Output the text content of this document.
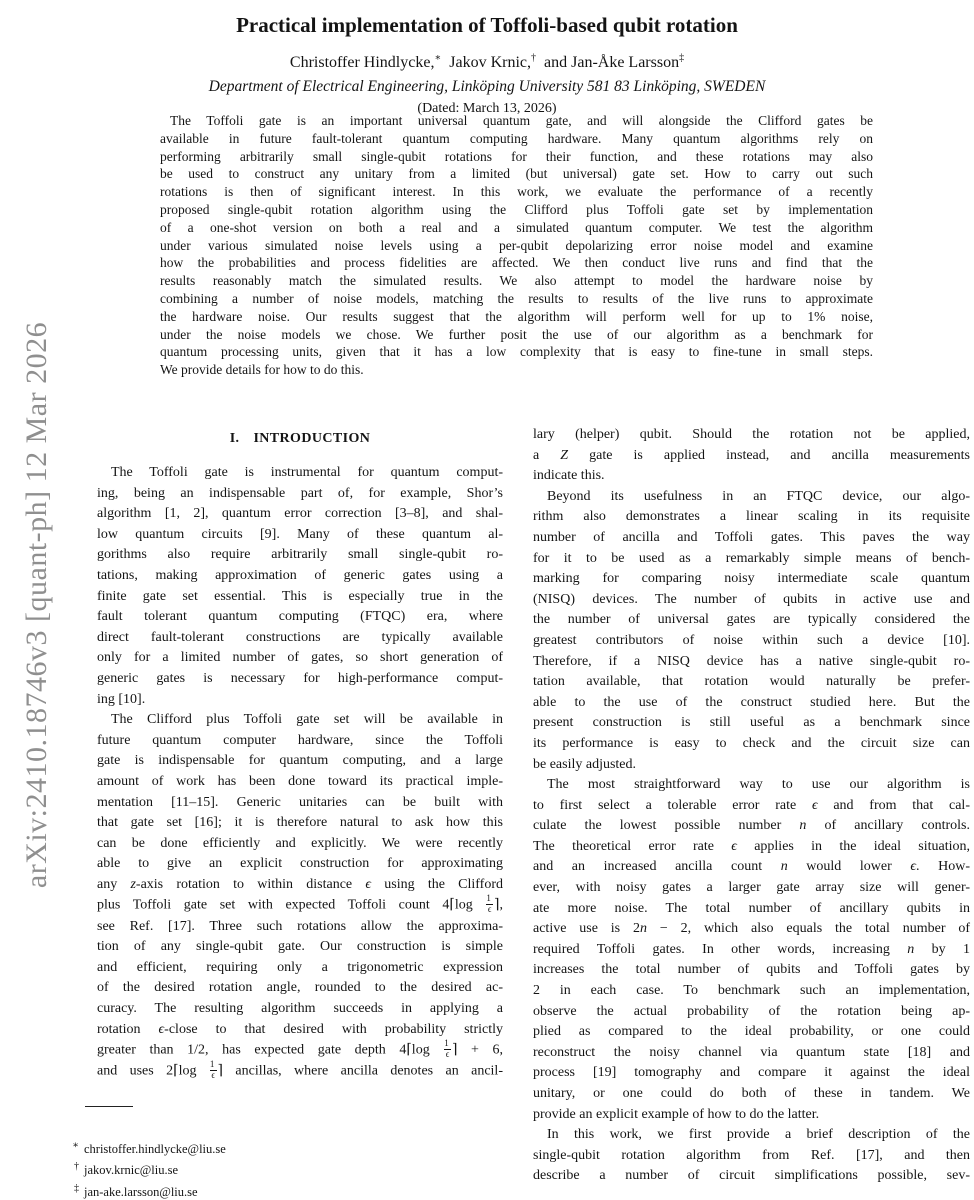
arXiv:2410.18746v3 [quant-ph] 12 Mar 2026
Practical implementation of Toffoli-based qubit rotation
Christoffer Hindlycke,∗ Jakov Krnic,† and Jan-Åke Larsson‡
Department of Electrical Engineering, Linköping University 581 83 Linköping, SWEDEN
(Dated: March 13, 2026)
The Toffoli gate is an important universal quantum gate, and will alongside the Clifford gates be
available in future fault-tolerant quantum computing hardware. Many quantum algorithms rely on
performing arbitrarily small single-qubit rotations for their function, and these rotations may also
be used to construct any unitary from a limited (but universal) gate set. How to carry out such
rotations is then of significant interest. In this work, we evaluate the performance of a recently
proposed single-qubit rotation algorithm using the Clifford plus Toffoli gate set by implementation
of a one-shot version on both a real and a simulated quantum computer. We test the algorithm
under various simulated noise levels using a per-qubit depolarizing error noise model and examine
how the probabilities and process fidelities are affected. We then conduct live runs and find that the
results reasonably match the simulated results. We also attempt to model the hardware noise by
combining a number of noise models, matching the results to results of the live runs to approximate
the hardware noise. Our results suggest that the algorithm will perform well for up to 1% noise,
under the noise models we chose. We further posit the use of our algorithm as a benchmark for
quantum processing units, given that it has a low complexity that is easy to fine-tune in small steps.
We provide details for how to do this.
I. INTRODUCTION
The Toffoli gate is instrumental for quantum comput-
ing, being an indispensable part of, for example, Shor’s
algorithm [1, 2], quantum error correction [3–8], and shal-
low quantum circuits [9]. Many of these quantum al-
gorithms also require arbitrarily small single-qubit ro-
tations, making approximation of generic gates using a
finite gate set essential. This is especially true in the
fault tolerant quantum computing (FTQC) era, where
direct fault-tolerant constructions are typically available
only for a limited number of gates, so short generation of
generic gates is necessary for high-performance comput-
ing [10].
The Clifford plus Toffoli gate set will be available in
future quantum computer hardware, since the Toffoli
gate is indispensable for quantum computing, and a large
amount of work has been done toward its practical imple-
mentation [11–15]. Generic unitaries can be built with
that gate set [16]; it is therefore natural to ask how this
can be done efficiently and explicitly. We were recently
able to give an explicit construction for approximating
any z-axis rotation to within distance ϵ using the Clifford
plus Toffoli gate set with expected Toffoli count 4⌈log $\frac{1}{\epsilon}$ ⌉,
see Ref. [17]. Three such rotations allow the approxima-
tion of any single-qubit gate. Our construction is simple
and efficient, requiring only a trigonometric expression
of the desired rotation angle, rounded to the desired ac-
curacy. The resulting algorithm succeeds in applying a
rotation ϵ-close to that desired with probability strictly
greater than 1/2, has expected gate depth 4⌈log $\frac{1}{\epsilon}$ ⌉ + 6,
and uses 2⌈log $\frac{1}{\epsilon}$ ⌉ ancillas, where ancilla denotes an ancil-
lary (helper) qubit. Should the rotation not be applied,
a Z gate is applied instead, and ancilla measurements
indicate this.
Beyond its usefulness in an FTQC device, our algo-
rithm also demonstrates a linear scaling in its requisite
number of ancilla and Toffoli gates. This paves the way
for it to be used as a remarkably simple means of bench-
marking for comparing noisy intermediate scale quantum
(NISQ) devices. The number of qubits in active use and
the number of universal gates are typically considered the
greatest contributors of noise within such a device [10].
Therefore, if a NISQ device has a native single-qubit ro-
tation available, that rotation would naturally be prefer-
able to the use of the construct studied here. But the
present construction is still useful as a benchmark since
its performance is easy to check and the circuit size can
be easily adjusted.
The most straightforward way to use our algorithm is
to first select a tolerable error rate ϵ and from that cal-
culate the lowest possible number n of ancillary controls.
The theoretical error rate ϵ applies in the ideal situation,
and an increased ancilla count n would lower ϵ. How-
ever, with noisy gates a larger gate array size will gener-
ate more noise. The total number of ancillary qubits in
active use is 2n − 2, which also equals the total number of
required Toffoli gates. In other words, increasing n by 1
increases the total number of qubits and Toffoli gates by
2 in each case. To benchmark such an implementation,
observe the actual probability of the rotation being ap-
plied as compared to the ideal probability, or one could
reconstruct the noisy channel via quantum state [18] and
process [19] tomography and compare it against the ideal
unitary, or one could do both of these in tandem. We
provide an explicit example of how to do the latter.
In this work, we first provide a brief description of the
single-qubit rotation algorithm from Ref. [17], and then
describe a number of circuit simplifications possible, sev-
∗ christoffer.hindlycke@liu.se
† jakov.krnic@liu.se
‡ jan-ake.larsson@liu.se
